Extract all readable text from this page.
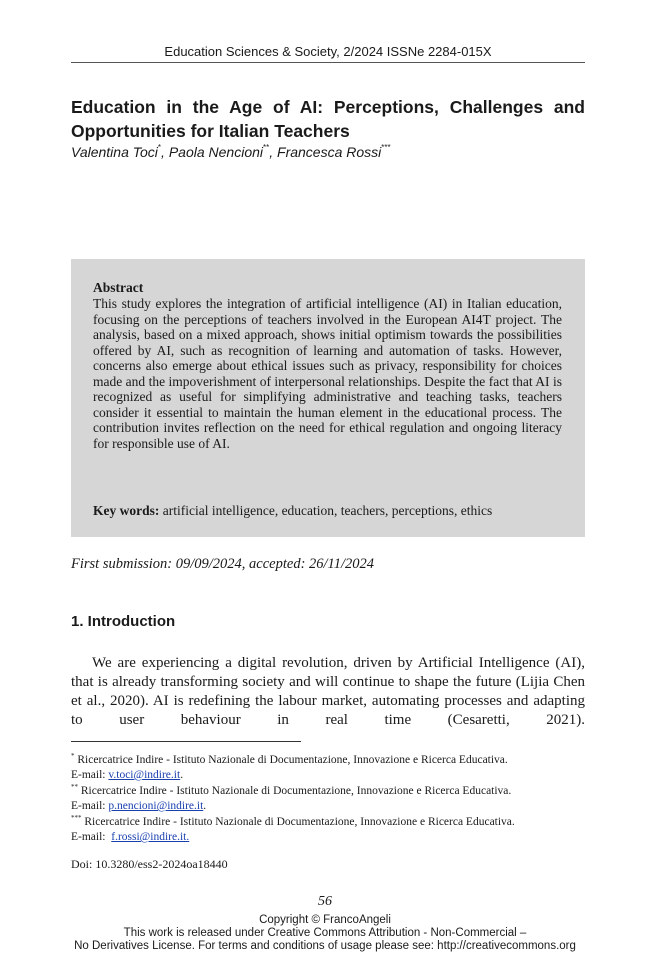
Education Sciences & Society, 2/2024 ISSNe 2284-015X
Education in the Age of AI: Perceptions, Challenges and Opportunities for Italian Teachers
Valentina Toci*, Paola Nencioni**, Francesca Rossi***
Abstract
This study explores the integration of artificial intelligence (AI) in Italian education, focusing on the perceptions of teachers involved in the European AI4T project. The analysis, based on a mixed approach, shows initial optimism towards the possibilities offered by AI, such as recognition of learning and automation of tasks. However, concerns also emerge about ethical issues such as privacy, responsibility for choices made and the impoverishment of interpersonal relationships. Despite the fact that AI is recognized as useful for simplifying administrative and teaching tasks, teachers consider it essential to maintain the human element in the educational process. The contribution invites reflection on the need for ethical regulation and ongoing literacy for responsible use of AI.
Key words: artificial intelligence, education, teachers, perceptions, ethics
First submission: 09/09/2024, accepted: 26/11/2024
1. Introduction
We are experiencing a digital revolution, driven by Artificial Intelligence (AI), that is already transforming society and will continue to shape the future (Lijia Chen et al., 2020). AI is redefining the labour market, automating processes and adapting to user behaviour in real time (Cesaretti, 2021).
* Ricercatrice Indire - Istituto Nazionale di Documentazione, Innovazione e Ricerca Educativa.
E-mail: v.toci@indire.it.
** Ricercatrice Indire - Istituto Nazionale di Documentazione, Innovazione e Ricerca Educativa.
E-mail: p.nencioni@indire.it.
*** Ricercatrice Indire - Istituto Nazionale di Documentazione, Innovazione e Ricerca Educativa.
E-mail:  f.rossi@indire.it.
Doi: 10.3280/ess2-2024oa18440
56
Copyright © FrancoAngeli
This work is released under Creative Commons Attribution - Non-Commercial –
No Derivatives License. For terms and conditions of usage please see: http://creativecommons.org
